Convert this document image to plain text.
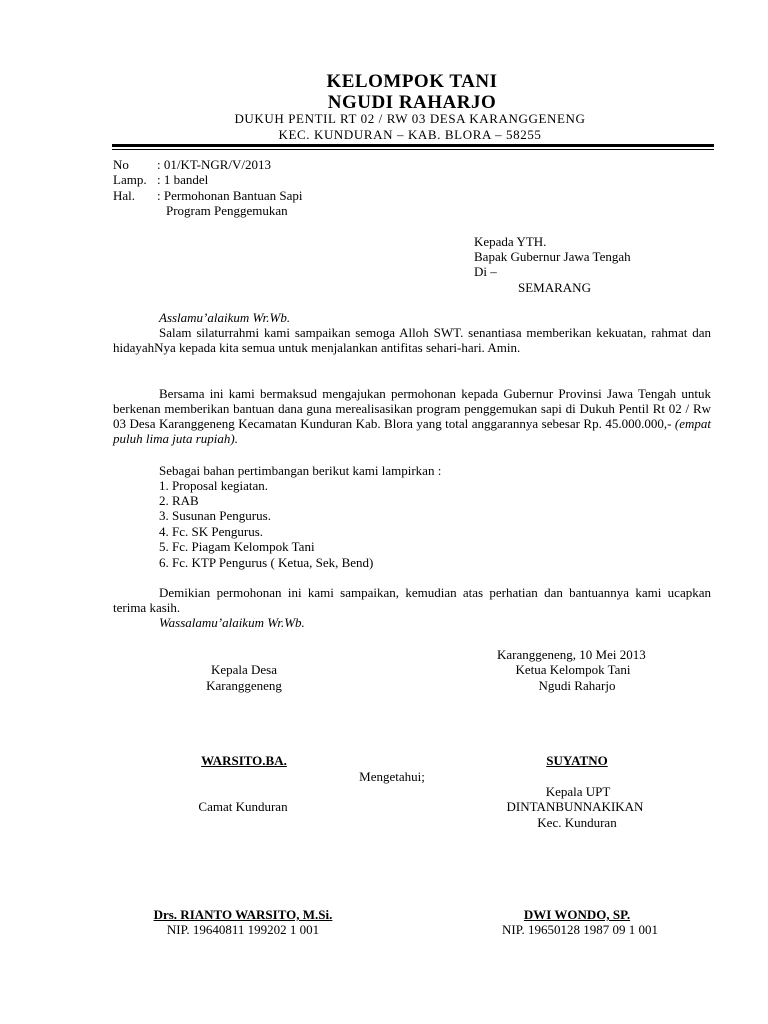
KELOMPOK TANI
NGUDI RAHARJO
DUKUH PENTIL RT 02 / RW 03 DESA KARANGGENENG
KEC. KUNDURAN – KAB. BLORA – 58255
No : 01/KT-NGR/V/2013
Lamp. : 1 bandel
Hal. : Permohonan Bantuan Sapi
Program Penggemukan
Kepada YTH.
Bapak Gubernur Jawa Tengah
Di –
SEMARANG
Asslamu’alaikum Wr.Wb.
Salam silaturrahmi kami sampaikan semoga Alloh SWT. senantiasa memberikan kekuatan, rahmat dan hidayahNya kepada kita semua untuk menjalankan antifitas sehari-hari. Amin.
Bersama ini kami bermaksud mengajukan permohonan kepada Gubernur Provinsi Jawa Tengah untuk berkenan memberikan bantuan dana guna merealisasikan program penggemukan sapi di Dukuh Pentil Rt 02 / Rw 03 Desa Karanggeneng Kecamatan Kunduran Kab. Blora yang total anggarannya sebesar Rp. 45.000.000,- (empat puluh lima juta rupiah).
Sebagai bahan pertimbangan berikut kami lampirkan :
1. Proposal kegiatan.
2. RAB
3. Susunan Pengurus.
4. Fc. SK Pengurus.
5. Fc. Piagam Kelompok Tani
6. Fc. KTP Pengurus ( Ketua, Sek, Bend)
Demikian permohonan ini kami sampaikan, kemudian atas perhatian dan bantuannya kami ucapkan terima kasih.
Wassalamu’alaikum Wr.Wb.
Karanggeneng, 10 Mei 2013
Kepala Desa
Karanggeneng
Ketua Kelompok Tani
Ngudi Raharjo
WARSITO.BA.	SUYATNO
Mengetahui;
Kepala UPT
Camat Kunduran	DINTANBUNNAKIKAN
Kec. Kunduran
Drs. RIANTO WARSITO, M.Si.	DWI WONDO, SP.
NIP. 19640811 199202 1 001	NIP. 19650128 1987 09 1 001
